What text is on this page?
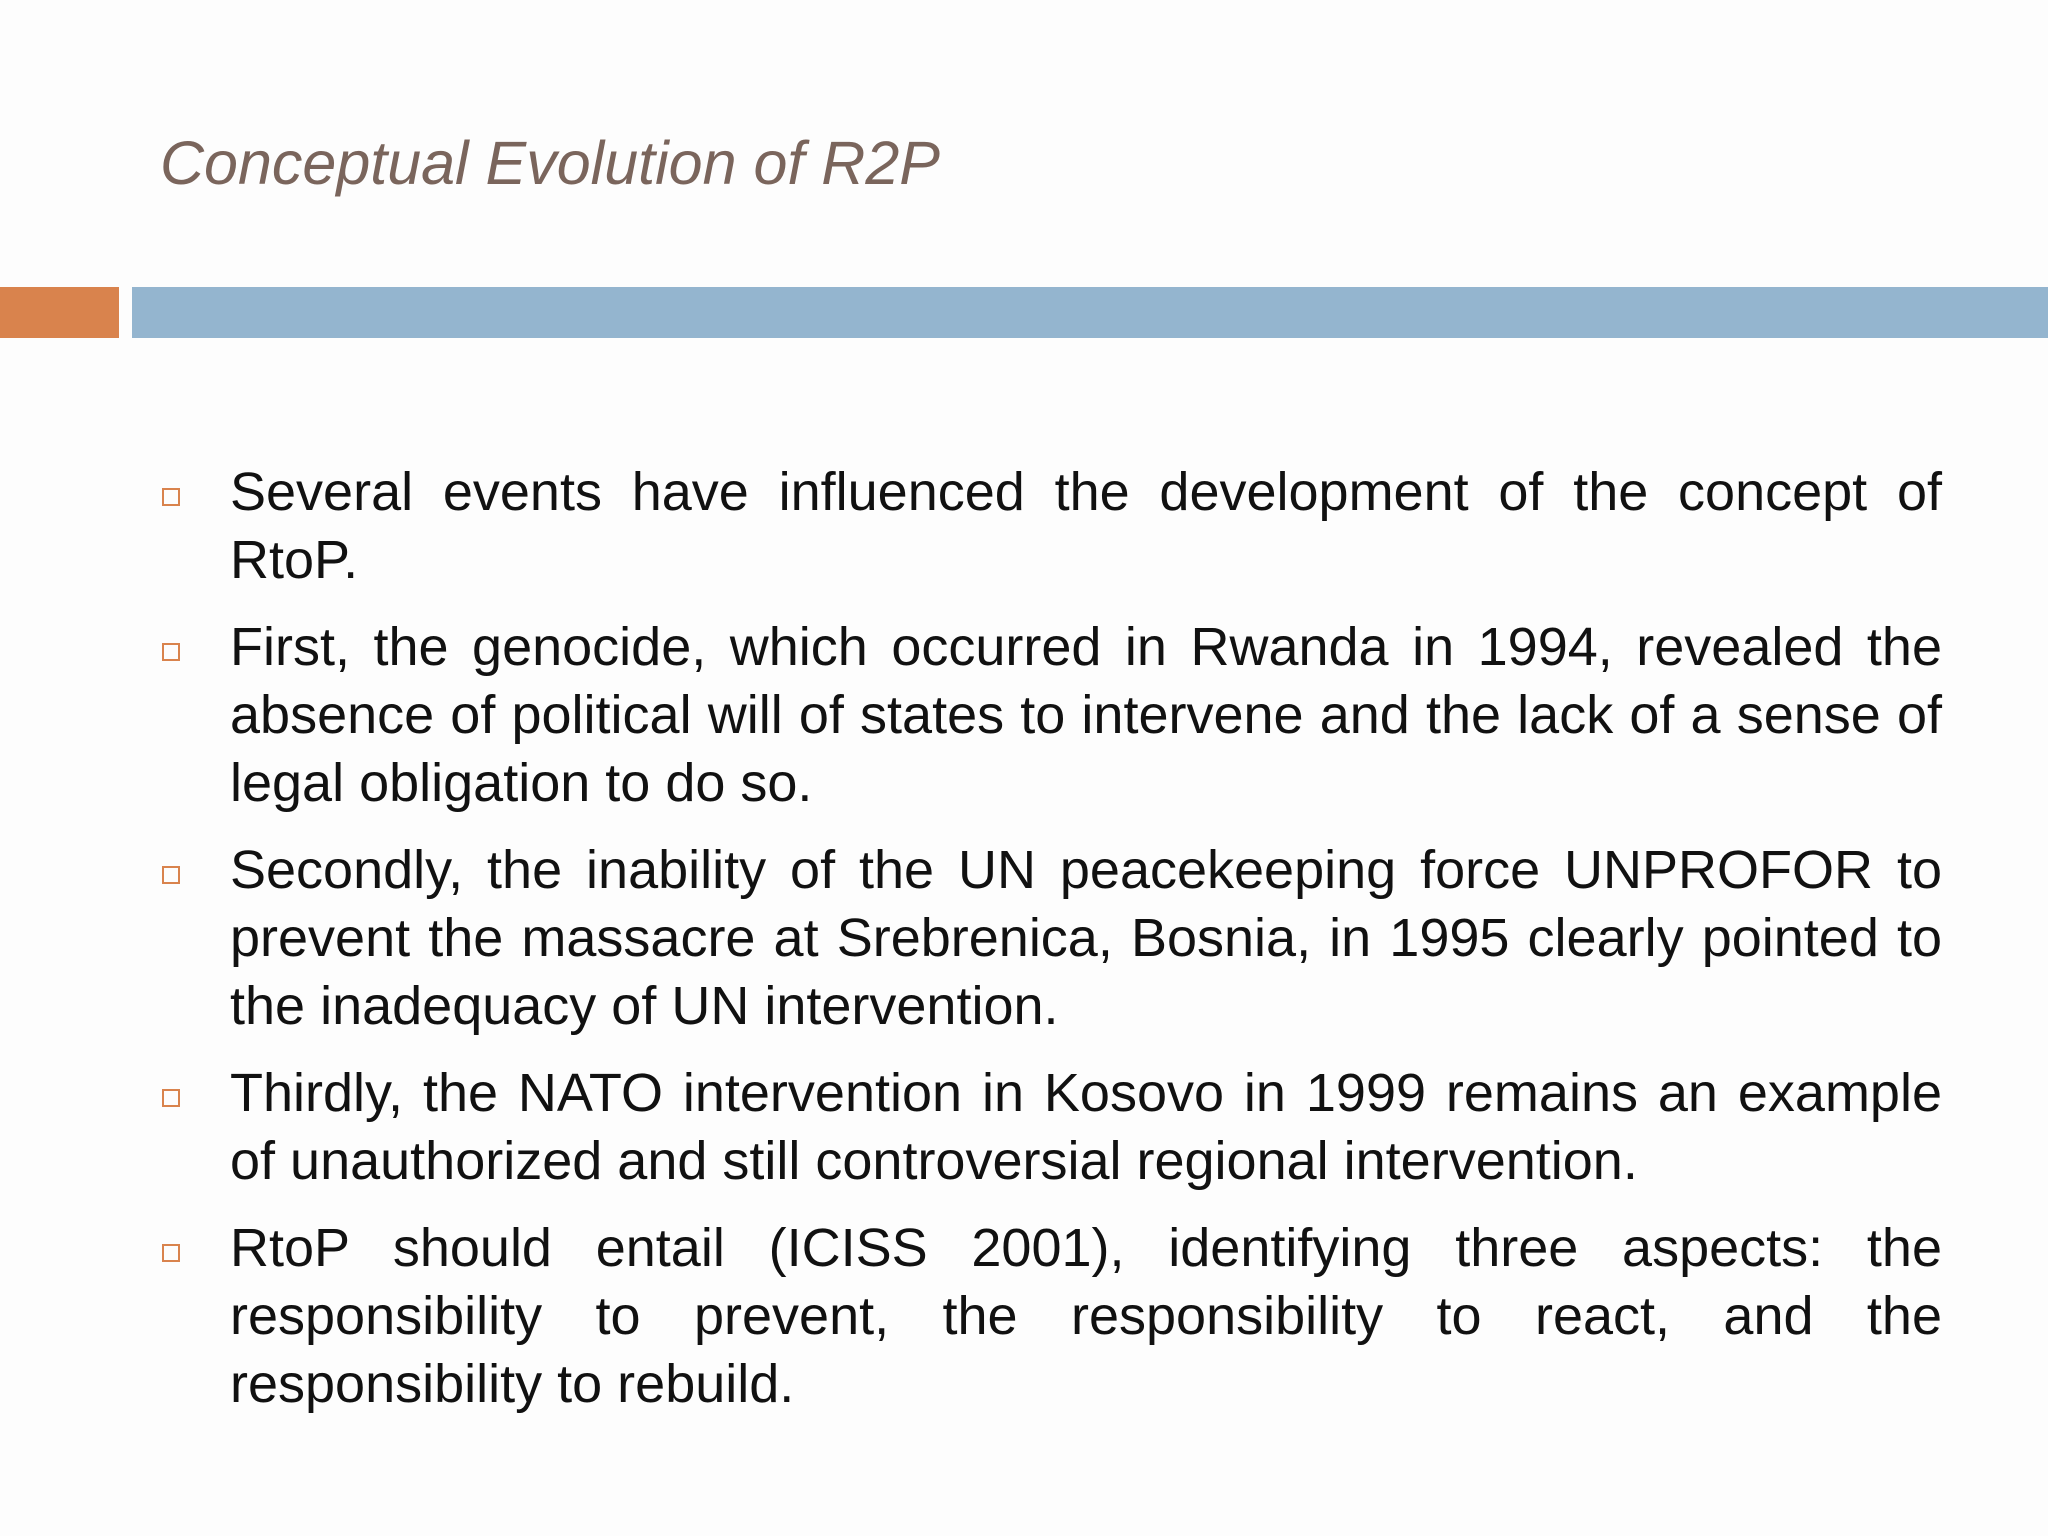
Conceptual Evolution of R2P
Several events have influenced the development of the concept of RtoP.
First, the genocide, which occurred in Rwanda in 1994, revealed the absence of political will of states to intervene and the lack of a sense of legal obligation to do so.
Secondly, the inability of the UN peacekeeping force UNPROFOR to prevent the massacre at Srebrenica, Bosnia, in 1995 clearly pointed to the inadequacy of UN intervention.
Thirdly, the NATO intervention in Kosovo in 1999 remains an example of unauthorized and still controversial regional intervention.
RtoP should entail (ICISS 2001), identifying three aspects: the responsibility to prevent, the responsibility to react, and the responsibility to rebuild.
